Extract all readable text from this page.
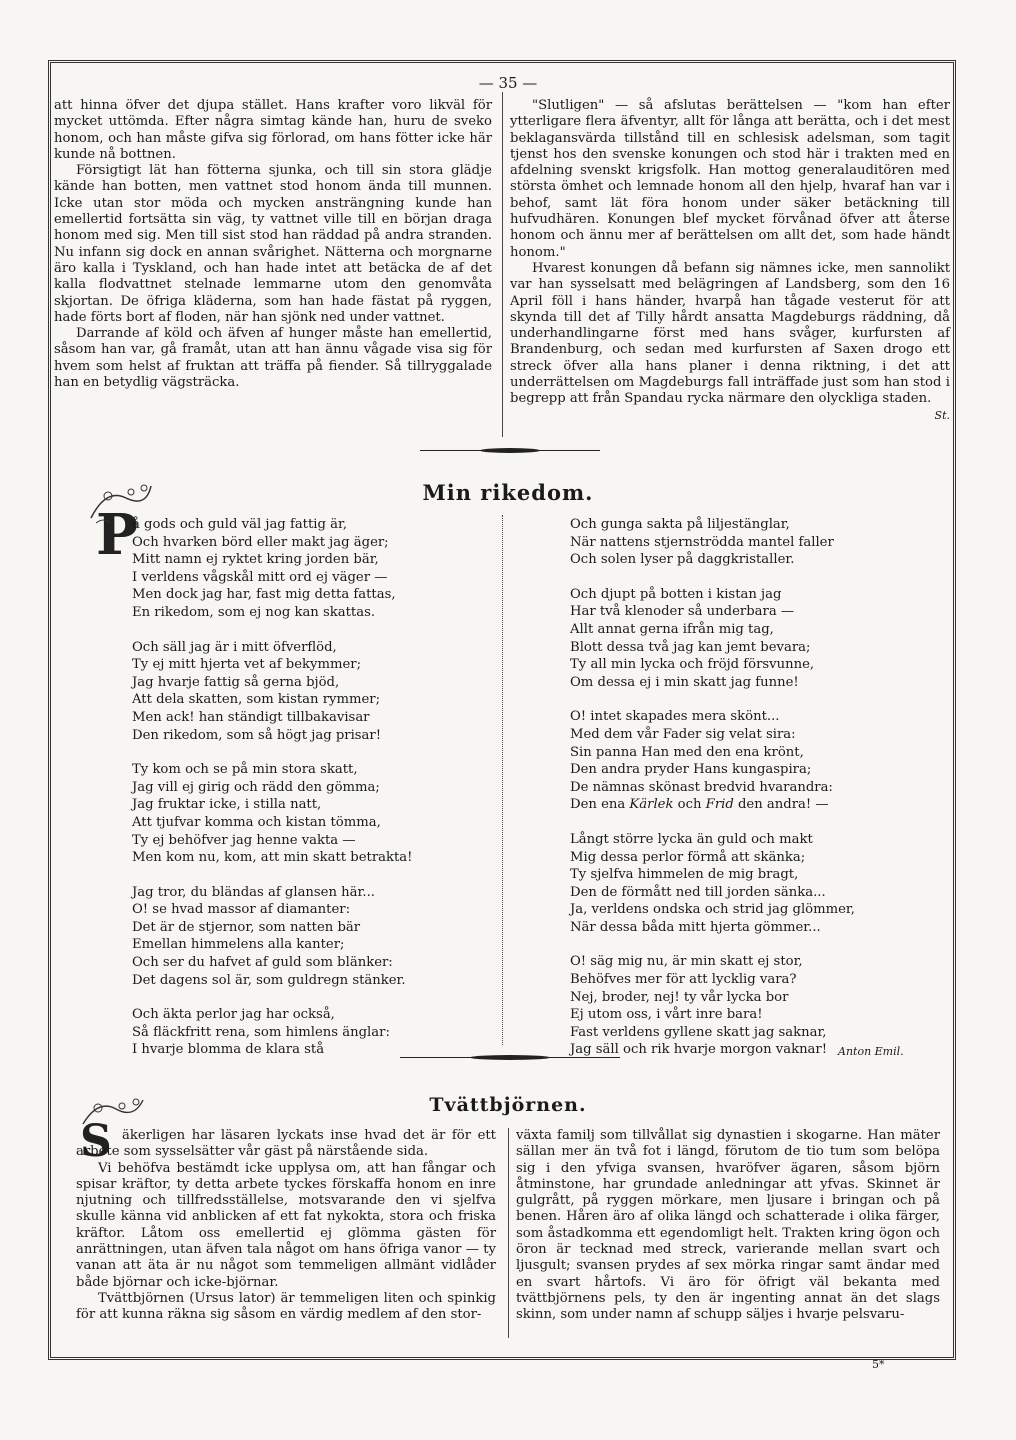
— 35 —

att hinna öfver det djupa stället. Hans krafter voro likväl för mycket uttömda. Efter några simtag kände han, huru de sveko honom, och han måste gifva sig förlorad, om hans fötter icke här kunde nå bottnen.

Försigtigt lät han fötterna sjunka, och till sin stora glädje kände han botten, men vattnet stod honom ända till munnen. Icke utan stor möda och mycken ansträngning kunde han emellertid fortsätta sin väg, ty vattnet ville till en början draga honom med sig. Men till sist stod han räddad på andra stranden. Nu infann sig dock en annan svårighet. Nätterna och morgnarne äro kalla i Tyskland, och han hade intet att betäcka de af det kalla flodvattnet stelnade lemmarne utom den genomvåta skjortan. De öfriga kläderna, som han hade fästat på ryggen, hade förts bort af floden, när han sjönk ned under vattnet.

Darrande af köld och äfven af hunger måste han emellertid, såsom han var, gå framåt, utan att han ännu vågade visa sig för hvem som helst af fruktan att träffa på fiender. Så tillryggalade han en betydlig vägsträcka.

"Slutligen" — så afslutas berättelsen — "kom han efter ytterligare flera äfventyr, allt för långa att berätta, och i det mest beklagansvärda tillstånd till en schlesisk adelsman, som tagit tjenst hos den svenske konungen och stod här i trakten med en afdelning svenskt krigsfolk. Han mottog generalauditören med största ömhet och lemnade honom all den hjelp, hvaraf han var i behof, samt lät föra honom under säker betäckning till hufvudhären. Konungen blef mycket förvånad öfver att återse honom och ännu mer af berättelsen om allt det, som hade händt honom."

Hvarest konungen då befann sig nämnes icke, men sannolikt var han sysselsatt med belägringen af Landsberg, som den 16 April föll i hans händer, hvarpå han tågade vesterut för att skynda till det af Tilly hårdt ansatta Magdeburgs räddning, då underhandlingarne först med hans svåger, kurfursten af Brandenburg, och sedan med kurfursten af Saxen drogo ett streck öfver alla hans planer i denna riktning, i det att underrättelsen om Magdeburgs fall inträffade just som han stod i begrepp att från Spandau rycka närmare den olyckliga staden.

St.

Min rikedom.
P
å gods och guld väl jag fattig är,
Och hvarken börd eller makt jag äger;
Mitt namn ej ryktet kring jorden bär,
I verldens vågskål mitt ord ej väger —
Men dock jag har, fast mig detta fattas,
En rikedom, som ej nog kan skattas.
Och säll jag är i mitt öfverflöd,
Ty ej mitt hjerta vet af bekymmer;
Jag hvarje fattig så gerna bjöd,
Att dela skatten, som kistan rymmer;
Men ack! han ständigt tillbakavisar
Den rikedom, som så högt jag prisar!
Ty kom och se på min stora skatt,
Jag vill ej girig och rädd den gömma;
Jag fruktar icke, i stilla natt,
Att tjufvar komma och kistan tömma,
Ty ej behöfver jag henne vakta —
Men kom nu, kom, att min skatt betrakta!
Jag tror, du bländas af glansen här...
O! se hvad massor af diamanter:
Det är de stjernor, som natten bär
Emellan himmelens alla kanter;
Och ser du hafvet af guld som blänker:
Det dagens sol är, som guldregn stänker.
Och äkta perlor jag har också,
Så fläckfritt rena, som himlens änglar:
I hvarje blomma de klara stå
Och gunga sakta på liljestänglar,
När nattens stjernströdda mantel faller
Och solen lyser på daggkristaller.
Och djupt på botten i kistan jag
Har två klenoder så underbara —
Allt annat gerna ifrån mig tag,
Blott dessa två jag kan jemt bevara;
Ty all min lycka och fröjd försvunne,
Om dessa ej i min skatt jag funne!
O! intet skapades mera skönt...
Med dem vår Fader sig velat sira:
Sin panna Han med den ena krönt,
Den andra pryder Hans kungaspira;
De nämnas skönast bredvid hvarandra:
Den ena Kärlek och Frid den andra! —
Långt större lycka än guld och makt
Mig dessa perlor förmå att skänka;
Ty sjelfva himmelen de mig bragt,
Den de förmått ned till jorden sänka...
Ja, verldens ondska och strid jag glömmer,
När dessa båda mitt hjerta gömmer...
O! säg mig nu, är min skatt ej stor,
Behöfves mer för att lycklig vara?
Nej, broder, nej! ty vår lycka bor
Ej utom oss, i vårt inre bara!
Fast verldens gyllene skatt jag saknar,
Jag säll och rik hvarje morgon vaknar! Anton Emil.
Tvättbjörnen.
S äkerligen har läsaren lyckats inse hvad det är för ett arbete som sysselsätter vår gäst på närstående sida.

Vi behöfva bestämdt icke upplysa om, att han fångar och spisar kräftor, ty detta arbete tyckes förskaffa honom en inre njutning och tillfredsställelse, motsvarande den vi sjelfva skulle känna vid anblicken af ett fat nykokta, stora och friska kräftor. Låtom oss emellertid ej glömma gästen för anrättningen, utan äfven tala något om hans öfriga vanor — ty vanan att äta är nu något som temmeligen allmänt vidlåder både björnar och icke-björnar.

Tvättbjörnen (Ursus lator) är temmeligen liten och spinkig för att kunna räkna sig såsom en värdig medlem af den stor-

växta familj som tillvållat sig dynastien i skogarne. Han mäter sällan mer än två fot i längd, förutom de tio tum som belöpa sig i den yfviga svansen, hvaröfver ägaren, såsom björn åtminstone, har grundade anledningar att yfvas. Skinnet är gulgrått, på ryggen mörkare, men ljusare i bringan och på benen. Håren äro af olika längd och schatterade i olika färger, som åstadkomma ett egendomligt helt. Trakten kring ögon och öron är tecknad med streck, varierande mellan svart och ljusgult; svansen prydes af sex mörka ringar samt ändar med en svart hårtofs. Vi äro för öfrigt väl bekanta med tvättbjörnens pels, ty den är ingenting annat än det slags skinn, som under namn af schupp säljes i hvarje pelsvaru-

5*
